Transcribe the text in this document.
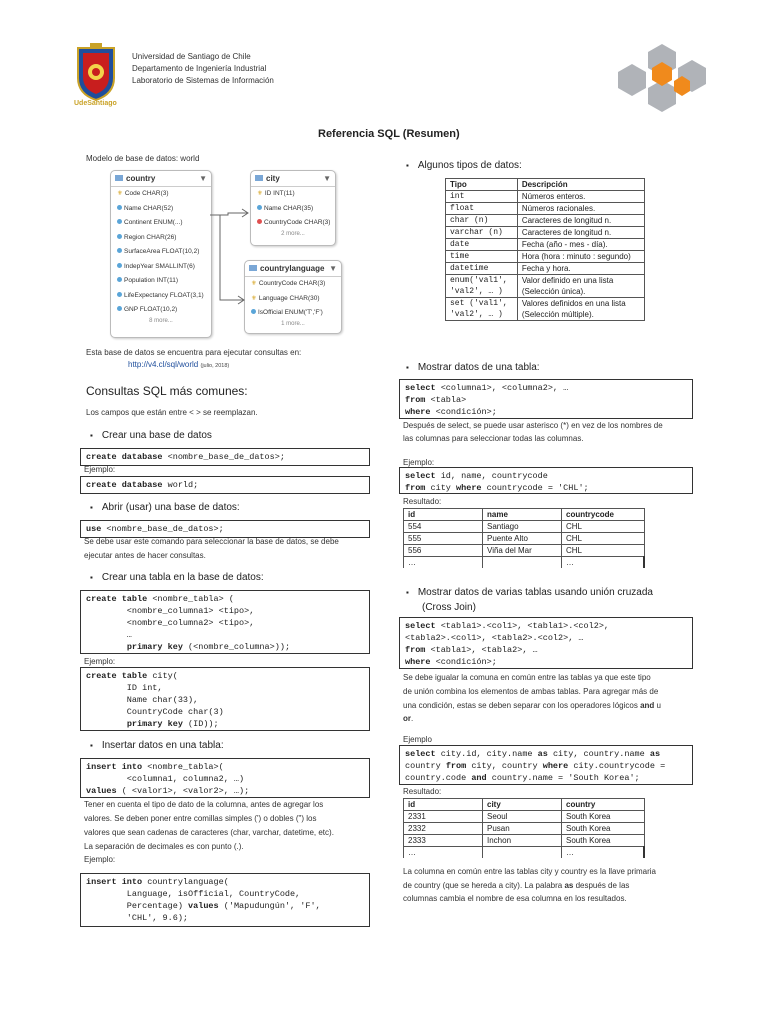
UdeSantiago
Universidad de Santiago de Chile
Departamento de Ingeniería Industrial
Laboratorio de Sistemas de Información
Referencia SQL (Resumen)
Modelo de base de datos: world
country	▼
⚜ Code CHAR(3)
Name CHAR(52)
Continent ENUM(...)
Region CHAR(26)
SurfaceArea FLOAT(10,2)
IndepYear SMALLINT(6)
Population INT(11)
LifeExpectancy FLOAT(3,1)
GNP FLOAT(10,2)
8 more...
city	▼
⚜ ID INT(11)
Name CHAR(35)
CountryCode CHAR(3)
2 more...
countrylanguage ▼
⚜ CountryCode CHAR(3)
⚜ Language CHAR(30)
IsOfficial ENUM('T','F')
1 more...
Esta base de datos se encuentra para ejecutar consultas en:
http://v4.cl/sql/world (julio, 2018)
Consultas SQL más comunes:
Los campos que están entre < > se reemplazan.
▪ Crear una base de datos
create database <nombre_base_de_datos>;
Ejemplo:
create database world;
▪ Abrir (usar) una base de datos:
use <nombre_base_de_datos>;
Se debe usar este comando para seleccionar la base de datos, se debe
ejecutar antes de hacer consultas.
▪ Crear una tabla en la base de datos:
create table <nombre_tabla> (
<nombre_columna1> <tipo>,
<nombre_columna2> <tipo>,
…
primary key (<nombre_columna>));
Ejemplo:
create table city(
ID int,
Name char(33),
CountryCode char(3)
primary key (ID));
▪ Insertar datos en una tabla:
insert into <nombre_tabla>(
<columna1, columna2, …)
values ( <valor1>, <valor2>, …);
Tener en cuenta el tipo de dato de la columna, antes de agregar los
valores. Se deben poner entre comillas simples (') o dobles (") los
valores que sean cadenas de caracteres (char, varchar, datetime, etc).
La separación de decimales es con punto (.).
Ejemplo:
insert into countrylanguage(
Language, isOfficial, CountryCode,
Percentage) values ('Mapudungún', 'F',
'CHL', 9.6);
▪ Algunos tipos de datos:
Tipo	Descripción
int	Números enteros.
float	Números racionales.
char (n)	Caracteres de longitud n.
varchar (n)	Caracteres de longitud n.
date	Fecha (año - mes - día).
time	Hora (hora : minuto : segundo)
datetime	Fecha y hora.
enum('val1',
'val2', … )	Valor definido en una lista
(Selección única).
set ('val1',
'val2', … )	Valores definidos en una lista
(Selección múltiple).
▪ Mostrar datos de una tabla:
select <columna1>, <columna2>, …
from <tabla>
where <condición>;
Después de select, se puede usar asterisco (*) en vez de los nombres de
las columnas para seleccionar todas las columnas.
Ejemplo:
select id, name, countrycode
from city where countrycode = 'CHL';
Resultado:
id	name	countrycode
554	Santiago	CHL
555	Puente Alto	CHL
556	Viña del Mar	CHL
…		…
▪ Mostrar datos de varias tablas usando unión cruzada
(Cross Join)
select <tabla1>.<col1>, <tabla1>.<col2>,
<tabla2>.<col1>, <tabla2>.<col2>, …
from <tabla1>, <tabla2>, …
where <condición>;
Se debe igualar la comuna en común entre las tablas ya que este tipo
de unión combina los elementos de ambas tablas. Para agregar más de
una condición, estas se deben separar con los operadores lógicos and u
or.
Ejemplo
select city.id, city.name as city, country.name as
country from city, country where city.countrycode =
country.code and country.name = 'South Korea';
Resultado:
id	city	country
2331	Seoul	South Korea
2332	Pusan	South Korea
2333	Inchon	South Korea
…		…
La columna en común entre las tablas city y country es la llave primaria
de country (que se hereda a city). La palabra as después de las
columnas cambia el nombre de esa columna en los resultados.
